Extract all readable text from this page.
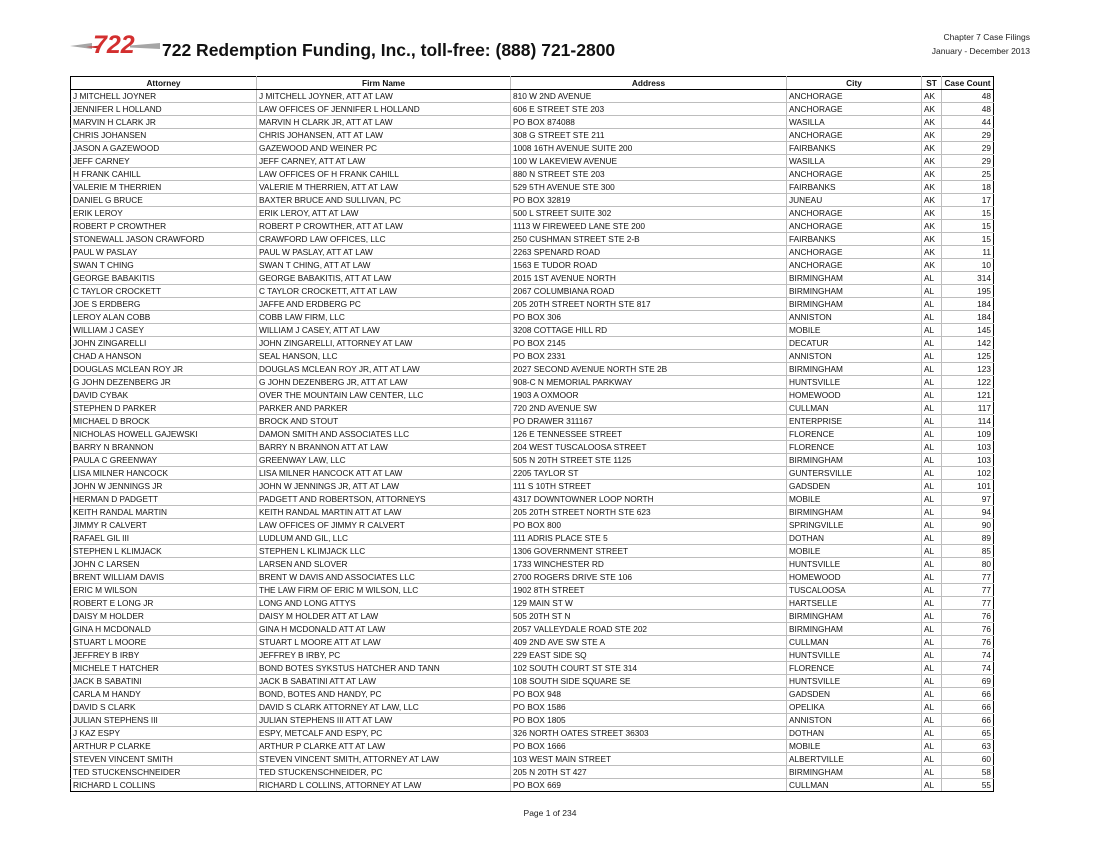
722 722 Redemption Funding, Inc., toll-free: (888) 721-2800
Chapter 7 Case Filings
January - December 2013
Attorney	Firm Name	Address	City	ST	Case Count
J MITCHELL JOYNER	J MITCHELL JOYNER, ATT AT LAW	810 W 2ND AVENUE	ANCHORAGE	AK	48
JENNIFER L HOLLAND	LAW OFFICES OF JENNIFER L HOLLAND	606 E STREET STE 203	ANCHORAGE	AK	48
MARVIN H CLARK JR	MARVIN H CLARK JR, ATT AT LAW	PO BOX 874088	WASILLA	AK	44
CHRIS JOHANSEN	CHRIS JOHANSEN, ATT AT LAW	308 G STREET STE 211	ANCHORAGE	AK	29
JASON A GAZEWOOD	GAZEWOOD AND WEINER PC	1008 16TH AVENUE SUITE 200	FAIRBANKS	AK	29
JEFF CARNEY	JEFF CARNEY, ATT AT LAW	100 W LAKEVIEW AVENUE	WASILLA	AK	29
H FRANK CAHILL	LAW OFFICES OF H FRANK CAHILL	880 N STREET STE 203	ANCHORAGE	AK	25
VALERIE M THERRIEN	VALERIE M THERRIEN, ATT AT LAW	529 5TH AVENUE STE 300	FAIRBANKS	AK	18
DANIEL G BRUCE	BAXTER BRUCE AND SULLIVAN, PC	PO BOX 32819	JUNEAU	AK	17
ERIK LEROY	ERIK LEROY, ATT AT LAW	500 L STREET SUITE 302	ANCHORAGE	AK	15
ROBERT P CROWTHER	ROBERT P CROWTHER, ATT AT LAW	1113 W FIREWEED LANE STE 200	ANCHORAGE	AK	15
STONEWALL JASON CRAWFORD	CRAWFORD LAW OFFICES, LLC	250 CUSHMAN STREET STE 2-B	FAIRBANKS	AK	15
PAUL W PASLAY	PAUL W PASLAY, ATT AT LAW	2263 SPENARD ROAD	ANCHORAGE	AK	11
SWAN T CHING	SWAN T CHING, ATT AT LAW	1563 E TUDOR ROAD	ANCHORAGE	AK	10
GEORGE BABAKITIS	GEORGE BABAKITIS, ATT AT LAW	2015 1ST AVENUE NORTH	BIRMINGHAM	AL	314
C TAYLOR CROCKETT	C TAYLOR CROCKETT, ATT AT LAW	2067 COLUMBIANA ROAD	BIRMINGHAM	AL	195
JOE S ERDBERG	JAFFE AND ERDBERG PC	205 20TH STREET NORTH STE 817	BIRMINGHAM	AL	184
LEROY ALAN COBB	COBB LAW FIRM, LLC	PO BOX 306	ANNISTON	AL	184
WILLIAM J CASEY	WILLIAM J CASEY, ATT AT LAW	3208 COTTAGE HILL RD	MOBILE	AL	145
JOHN ZINGARELLI	JOHN ZINGARELLI, ATTORNEY AT LAW	PO BOX 2145	DECATUR	AL	142
CHAD A HANSON	SEAL HANSON, LLC	PO BOX 2331	ANNISTON	AL	125
DOUGLAS MCLEAN ROY JR	DOUGLAS MCLEAN ROY JR, ATT AT LAW	2027 SECOND AVENUE NORTH STE 2B	BIRMINGHAM	AL	123
G JOHN DEZENBERG JR	G JOHN DEZENBERG JR, ATT AT LAW	908-C N MEMORIAL PARKWAY	HUNTSVILLE	AL	122
DAVID CYBAK	OVER THE MOUNTAIN LAW CENTER, LLC	1903 A OXMOOR	HOMEWOOD	AL	121
STEPHEN D PARKER	PARKER AND PARKER	720 2ND AVENUE SW	CULLMAN	AL	117
MICHAEL D BROCK	BROCK AND STOUT	PO DRAWER 311167	ENTERPRISE	AL	114
NICHOLAS HOWELL GAJEWSKI	DAMON SMITH AND ASSOCIATES LLC	126 E TENNESSEE STREET	FLORENCE	AL	109
BARRY N BRANNON	BARRY N BRANNON ATT AT LAW	204 WEST TUSCALOOSA STREET	FLORENCE	AL	103
PAULA C GREENWAY	GREENWAY LAW, LLC	505 N 20TH STREET STE 1125	BIRMINGHAM	AL	103
LISA MILNER HANCOCK	LISA MILNER HANCOCK ATT AT LAW	2205 TAYLOR ST	GUNTERSVILLE	AL	102
JOHN W JENNINGS JR	JOHN W JENNINGS JR, ATT AT LAW	111 S 10TH STREET	GADSDEN	AL	101
HERMAN D PADGETT	PADGETT AND ROBERTSON, ATTORNEYS	4317 DOWNTOWNER LOOP NORTH	MOBILE	AL	97
KEITH RANDAL MARTIN	KEITH RANDAL MARTIN ATT AT LAW	205 20TH STREET NORTH STE 623	BIRMINGHAM	AL	94
JIMMY R CALVERT	LAW OFFICES OF JIMMY R CALVERT	PO BOX 800	SPRINGVILLE	AL	90
RAFAEL GIL III	LUDLUM AND GIL, LLC	111 ADRIS PLACE STE 5	DOTHAN	AL	89
STEPHEN L KLIMJACK	STEPHEN L KLIMJACK LLC	1306 GOVERNMENT STREET	MOBILE	AL	85
JOHN C LARSEN	LARSEN AND SLOVER	1733 WINCHESTER RD	HUNTSVILLE	AL	80
BRENT WILLIAM DAVIS	BRENT W DAVIS AND ASSOCIATES LLC	2700 ROGERS DRIVE STE 106	HOMEWOOD	AL	77
ERIC M WILSON	THE LAW FIRM OF ERIC M WILSON, LLC	1902 8TH STREET	TUSCALOOSA	AL	77
ROBERT E LONG JR	LONG AND LONG ATTYS	129 MAIN ST W	HARTSELLE	AL	77
DAISY M HOLDER	DAISY M HOLDER ATT AT LAW	505 20TH ST N	BIRMINGHAM	AL	76
GINA H MCDONALD	GINA H MCDONALD ATT AT LAW	2057 VALLEYDALE ROAD STE 202	BIRMINGHAM	AL	76
STUART L MOORE	STUART L MOORE ATT AT LAW	409 2ND AVE SW STE A	CULLMAN	AL	76
JEFFREY B IRBY	JEFFREY B IRBY, PC	229 EAST SIDE SQ	HUNTSVILLE	AL	74
MICHELE T HATCHER	BOND BOTES SYKSTUS HATCHER AND TANN	102 SOUTH COURT ST STE 314	FLORENCE	AL	74
JACK B SABATINI	JACK B SABATINI ATT AT LAW	108 SOUTH SIDE SQUARE SE	HUNTSVILLE	AL	69
CARLA M HANDY	BOND, BOTES AND HANDY, PC	PO BOX 948	GADSDEN	AL	66
DAVID S CLARK	DAVID S CLARK ATTORNEY AT LAW, LLC	PO BOX 1586	OPELIKA	AL	66
JULIAN STEPHENS III	JULIAN STEPHENS III ATT AT LAW	PO BOX 1805	ANNISTON	AL	66
J KAZ ESPY	ESPY, METCALF AND ESPY, PC	326 NORTH OATES STREET 36303	DOTHAN	AL	65
ARTHUR P CLARKE	ARTHUR P CLARKE ATT AT LAW	PO BOX 1666	MOBILE	AL	63
STEVEN VINCENT SMITH	STEVEN VINCENT SMITH, ATTORNEY AT LAW	103 WEST MAIN STREET	ALBERTVILLE	AL	60
TED STUCKENSCHNEIDER	TED STUCKENSCHNEIDER, PC	205 N 20TH ST 427	BIRMINGHAM	AL	58
RICHARD L COLLINS	RICHARD L COLLINS, ATTORNEY AT LAW	PO BOX 669	CULLMAN	AL	55
Page 1 of 234
